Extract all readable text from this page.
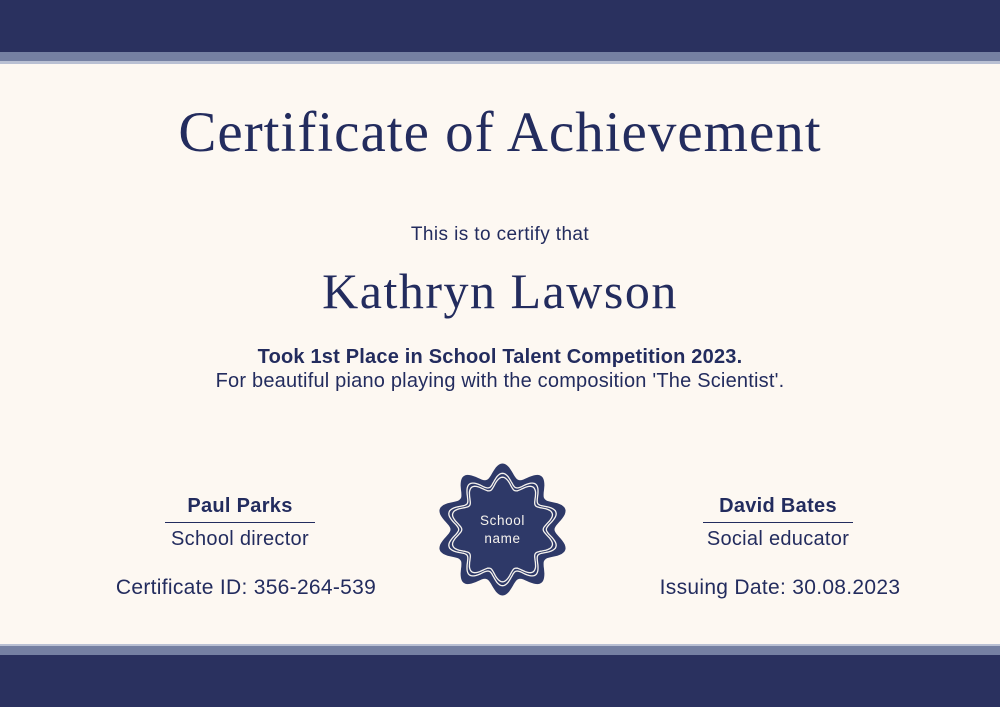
Certificate of Achievement
This is to certify that
Kathryn Lawson
Took 1st Place in School Talent Competition 2023.
For beautiful piano playing with the composition 'The Scientist'.
Paul Parks
School director
School name
David Bates
Social educator
Certificate ID: 356-264-539	Issuing Date: 30.08.2023
